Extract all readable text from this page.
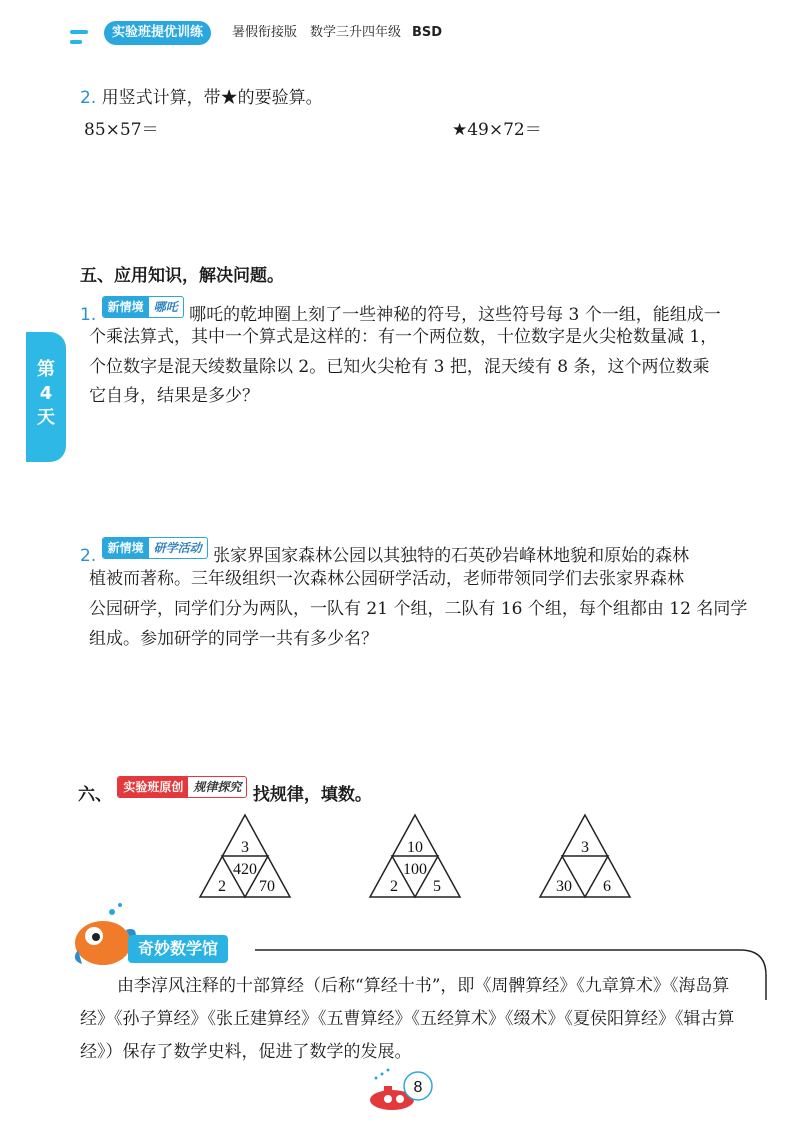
实验班提优训练	暑假衔接版 数学三升四年级 BSD
第
4
天
2. 用竖式计算，带★的要验算。
85×57＝	★49×72＝
五、应用知识，解决问题。
1. 新情境 哪吒 哪吒的乾坤圈上刻了一些神秘的符号，这些符号每 3 个一组，能组成一
个乘法算式，其中一个算式是这样的：有一个两位数，十位数字是火尖枪数量减 1，
个位数字是混天绫数量除以 2。已知火尖枪有 3 把，混天绫有 8 条，这个两位数乘
它自身，结果是多少？
2. 新情境 研学活动 张家界国家森林公园以其独特的石英砂岩峰林地貌和原始的森林
植被而著称。三年级组织一次森林公园研学活动，老师带领同学们去张家界森林
公园研学，同学们分为两队，一队有 21 个组，二队有 16 个组，每个组都由 12 名同学
组成。参加研学的同学一共有多少名？
六、 实验班原创 规律探究 找规律，填数。
3
420
2 70
10
100
2 5
3
30 6
8
奇妙数学馆
由李淳风注释的十部算经（后称“算经十书”，即《周髀算经》《九章算术》《海岛算
经》《孙子算经》《张丘建算经》《五曹算经》《五经算术》《缀术》《夏侯阳算经》《辑古算
经》）保存了数学史料，促进了数学的发展。
